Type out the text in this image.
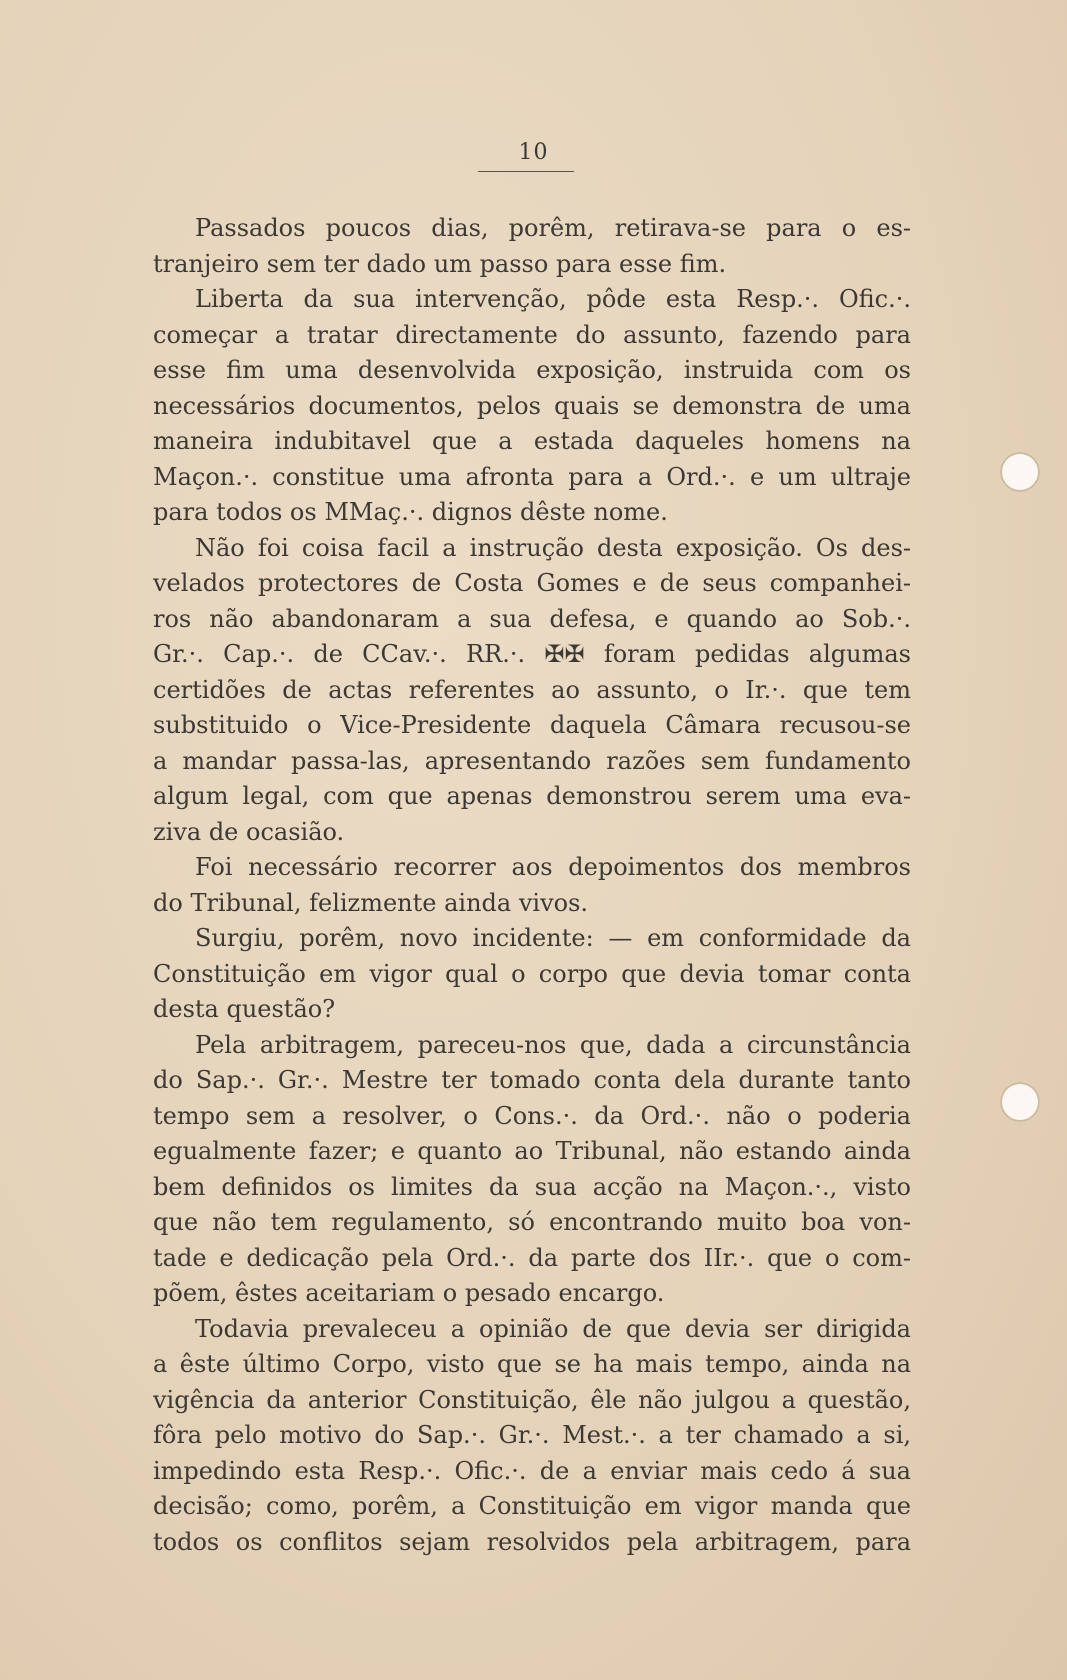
10
Passados poucos dias, porêm, retirava-se para o es-
tranjeiro sem ter dado um passo para esse fim.
Liberta da sua intervenção, pôde esta Resp.·. Ofic.·.
começar a tratar directamente do assunto, fazendo para
esse fim uma desenvolvida exposição, instruida com os
necessários documentos, pelos quais se demonstra de uma
maneira indubitavel que a estada daqueles homens na
Maçon.·. constitue uma afronta para a Ord.·. e um ultraje
para todos os MMaç.·. dignos dêste nome.
Não foi coisa facil a instrução desta exposição. Os des-
velados protectores de Costa Gomes e de seus companhei-
ros não abandonaram a sua defesa, e quando ao Sob.·.
Gr.·. Cap.·. de CCav.·. RR.·. ✠✠ foram pedidas algumas
certidões de actas referentes ao assunto, o Ir.·. que tem
substituido o Vice-Presidente daquela Câmara recusou-se
a mandar passa-las, apresentando razões sem fundamento
algum legal, com que apenas demonstrou serem uma eva-
ziva de ocasião.
Foi necessário recorrer aos depoimentos dos membros
do Tribunal, felizmente ainda vivos.
Surgiu, porêm, novo incidente: — em conformidade da
Constituição em vigor qual o corpo que devia tomar conta
desta questão?
Pela arbitragem, pareceu-nos que, dada a circunstância
do Sap.·. Gr.·. Mestre ter tomado conta dela durante tanto
tempo sem a resolver, o Cons.·. da Ord.·. não o poderia
egualmente fazer; e quanto ao Tribunal, não estando ainda
bem definidos os limites da sua acção na Maçon.·., visto
que não tem regulamento, só encontrando muito boa von-
tade e dedicação pela Ord.·. da parte dos IIr.·. que o com-
põem, êstes aceitariam o pesado encargo.
Todavia prevaleceu a opinião de que devia ser dirigida
a êste último Corpo, visto que se ha mais tempo, ainda na
vigência da anterior Constituição, êle não julgou a questão,
fôra pelo motivo do Sap.·. Gr.·. Mest.·. a ter chamado a si,
impedindo esta Resp.·. Ofic.·. de a enviar mais cedo á sua
decisão; como, porêm, a Constituição em vigor manda que
todos os conflitos sejam resolvidos pela arbitragem, para
